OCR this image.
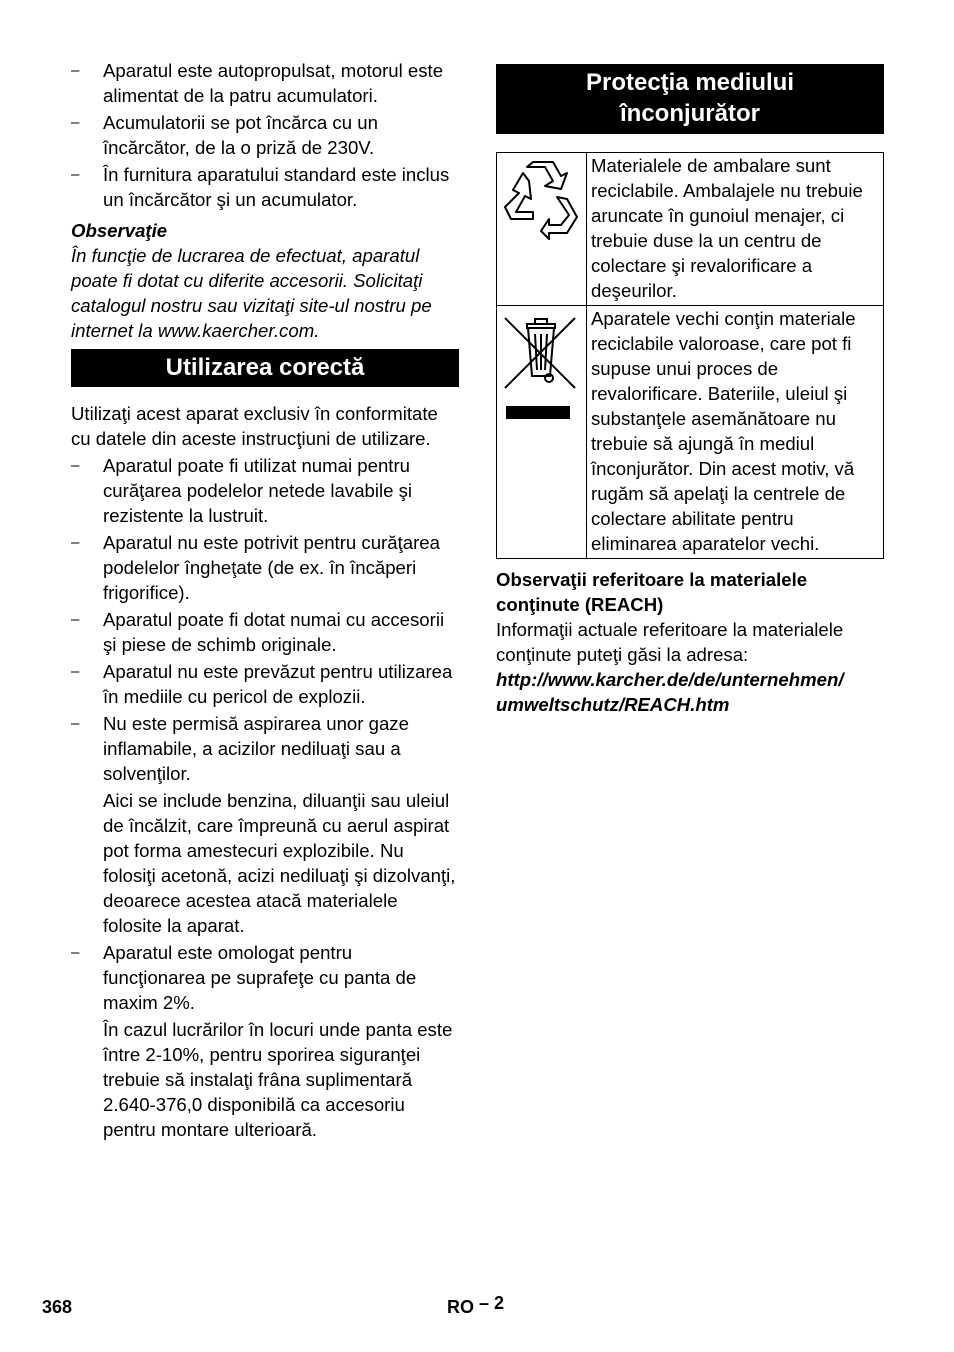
– Aparatul este autopropulsat, motorul este alimentat de la patru acumulatori.
– Acumulatorii se pot încărca cu un încărcător, de la o priză de 230V.
– În furnitura aparatului standard este inclus un încărcător şi un acumulator.
Observaţie
În funcţie de lucrarea de efectuat, aparatul poate fi dotat cu diferite accesorii. Solicitaţi catalogul nostru sau vizitaţi site-ul nostru pe internet la www.kaercher.com.
Utilizarea corectă

Utilizaţi acest aparat exclusiv în conformitate cu datele din aceste instrucţiuni de utilizare.

– Aparatul poate fi utilizat numai pentru curăţarea podelelor netede lavabile şi rezistente la lustruit.
– Aparatul nu este potrivit pentru curăţarea podelelor îngheţate (de ex. în încăperi frigorifice).
– Aparatul poate fi dotat numai cu accesorii şi piese de schimb originale.
– Aparatul nu este prevăzut pentru utilizarea în mediile cu pericol de explozii.
– Nu este permisă aspirarea unor gaze inflamabile, a acizilor nediluaţi sau a solvenţilor.
Aici se include benzina, diluanţii sau uleiul de încălzit, care împreună cu aerul aspirat pot forma amestecuri explozibile. Nu folosiţi acetonă, acizi nediluaţi şi dizolvanţi, deoarece acestea atacă materialele folosite la aparat.
– Aparatul este omologat pentru funcţionarea pe suprafeţe cu panta de maxim 2%.
În cazul lucrărilor în locuri unde panta este între 2-10%, pentru sporirea siguranţei trebuie să instalaţi frâna suplimentară 2.640-376,0 disponibilă ca accesoriu pentru montare ulterioară.
Protecţia mediului
înconjurător
	Materialele de ambalare sunt reciclabile. Ambalajele nu trebuie aruncate în gunoiul menajer, ci trebuie duse la un centru de colectare şi revalorificare a deşeurilor.
	Aparatele vechi conţin materiale reciclabile valoroase, care pot fi supuse unui proces de revalorificare. Bateriile, uleiul şi substanţele asemănătoare nu trebuie să ajungă în mediul înconjurător. Din acest motiv, vă rugăm să apelaţi la centrele de colectare abilitate pentru eliminarea aparatelor vechi.
Observaţii referitoare la materialele conţinute (REACH)
Informaţii actuale referitoare la materialele conţinute puteţi găsi la adresa:
http://www.karcher.de/de/unternehmen/
umweltschutz/REACH.htm
368	RO – 2
